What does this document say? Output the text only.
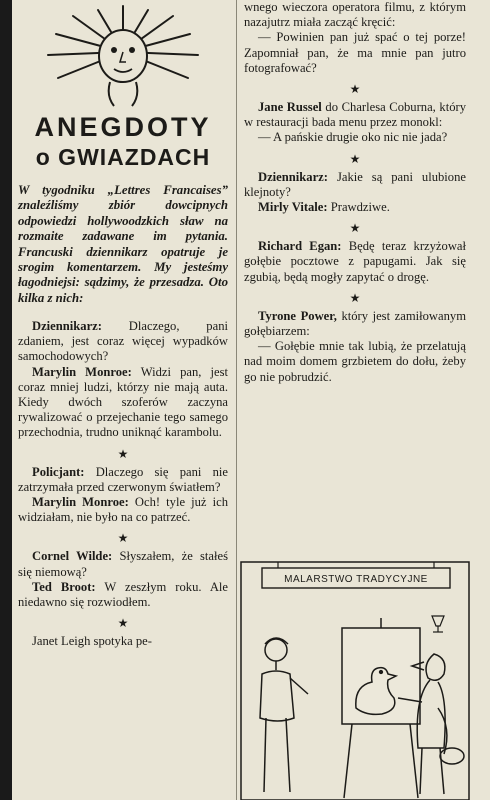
ANEGDOTY
o GWIAZDACH

W tygodniku „Lettres Francaises” znaleźliśmy zbiór dowcipnych odpowiedzi hollywoodzkich sław na rozmaite zadawane im pytania. Francuski dziennikarz opatruje je srogim komentarzem. My jesteśmy łagodniejsi: sądzimy, że przesadza. Oto kilka z nich:

Dziennikarz: Dlaczego, pani zdaniem, jest coraz więcej wypadków samochodowych?

Marylin Monroe: Widzi pan, jest coraz mniej ludzi, którzy nie mają auta. Kiedy dwóch szoferów zaczyna rywalizować o przejechanie tego samego przechodnia, trudno uniknąć karambolu.

★

Policjant: Dlaczego się pani nie zatrzymała przed czerwonym światłem?

Marylin Monroe: Och! tyle już ich widziałam, nie było na co patrzeć.

★

Cornel Wilde: Słyszałem, że stałeś się niemową?

Ted Broot: W zeszłym roku. Ale niedawno się rozwiodłem.

★

Janet Leigh spotyka pe-

wnego wieczora operatora filmu, z którym nazajutrz miała zacząć kręcić:

— Powinien pan już spać o tej porze! Zapomniał pan, że ma mnie pan jutro fotografować?

★

Jane Russel do Charlesa Coburna, który w restauracji bada menu przez monokl:

— A pańskie drugie oko nic nie jada?

★

Dziennikarz: Jakie są pani ulubione klejnoty?

Mirly Vitale: Prawdziwe.

★

Richard Egan: Będę teraz krzyżował gołębie pocztowe z papugami. Jak się zgubią, będą mogły zapytać o drogę.

★

Tyrone Power, który jest zamiłowanym gołębiarzem:

— Gołębie mnie tak lubią, że przelatują nad moim domem grzbietem do dołu, żeby go nie pobrudzić.

MALARSTWO TRADYCYJNE
